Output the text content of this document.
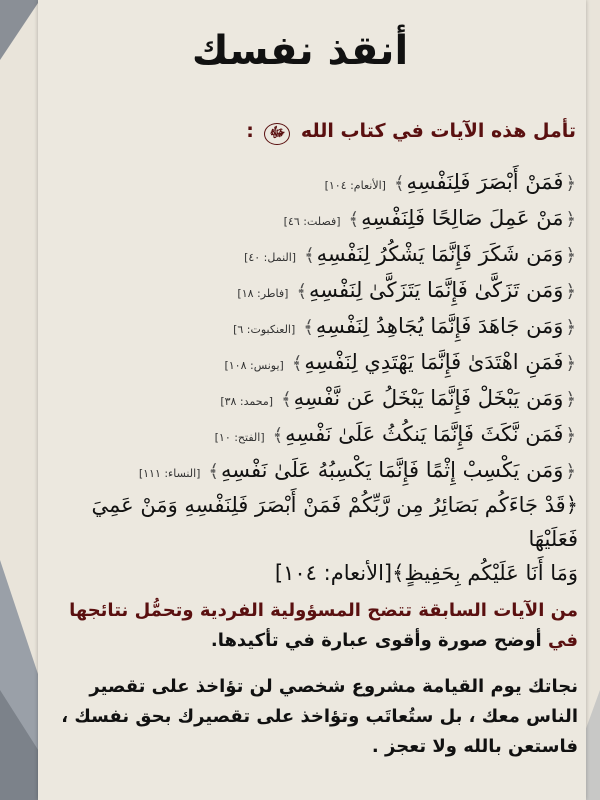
أنقذ نفسك
تأمل هذه الآيات في كتاب الله ﷻ :
﴿فَمَنْ أَبْصَرَ فَلِنَفْسِهِ﴾[الأنعام: ١٠٤]
﴿مَنْ عَمِلَ صَالِحًا فَلِنَفْسِهِ﴾[فصلت: ٤٦]
﴿وَمَن شَكَرَ فَإِنَّمَا يَشْكُرُ لِنَفْسِهِ﴾[النمل: ٤٠]
﴿وَمَن تَزَكَّىٰ فَإِنَّمَا يَتَزَكَّىٰ لِنَفْسِهِ﴾[فاطر: ١٨]
﴿وَمَن جَاهَدَ فَإِنَّمَا يُجَاهِدُ لِنَفْسِهِ﴾[العنكبوت: ٦]
﴿فَمَنِ اهْتَدَىٰ فَإِنَّمَا يَهْتَدِي لِنَفْسِهِ﴾[يونس: ١٠٨]
﴿وَمَن يَبْخَلْ فَإِنَّمَا يَبْخَلُ عَن نَّفْسِهِ﴾[محمد: ٣٨]
﴿فَمَن نَّكَثَ فَإِنَّمَا يَنكُثُ عَلَىٰ نَفْسِهِ﴾[الفتح: ١٠]
﴿وَمَن يَكْسِبْ إِثْمًا فَإِنَّمَا يَكْسِبُهُ عَلَىٰ نَفْسِهِ﴾[النساء: ١١١]
﴿قَدْ جَاءَكُم بَصَائِرُ مِن رَّبِّكُمْ فَمَنْ أَبْصَرَ فَلِنَفْسِهِ وَمَنْ عَمِيَ فَعَلَيْهَا
وَمَا أَنَا عَلَيْكُم بِحَفِيظٍ﴾[الأنعام: ١٠٤]
من الآيات السابقة تتضح المسؤولية الفردية وتحمُّل نتائجها في أوضح صورة وأقوى عبارة في تأكيدها.
نجاتك يوم القيامة مشروع شخصي لن تؤاخذ على تقصير الناس معك ، بل ستُعاتَب وتؤاخذ على تقصيرك بحق نفسك ، فاستعن بالله ولا تعجز .
